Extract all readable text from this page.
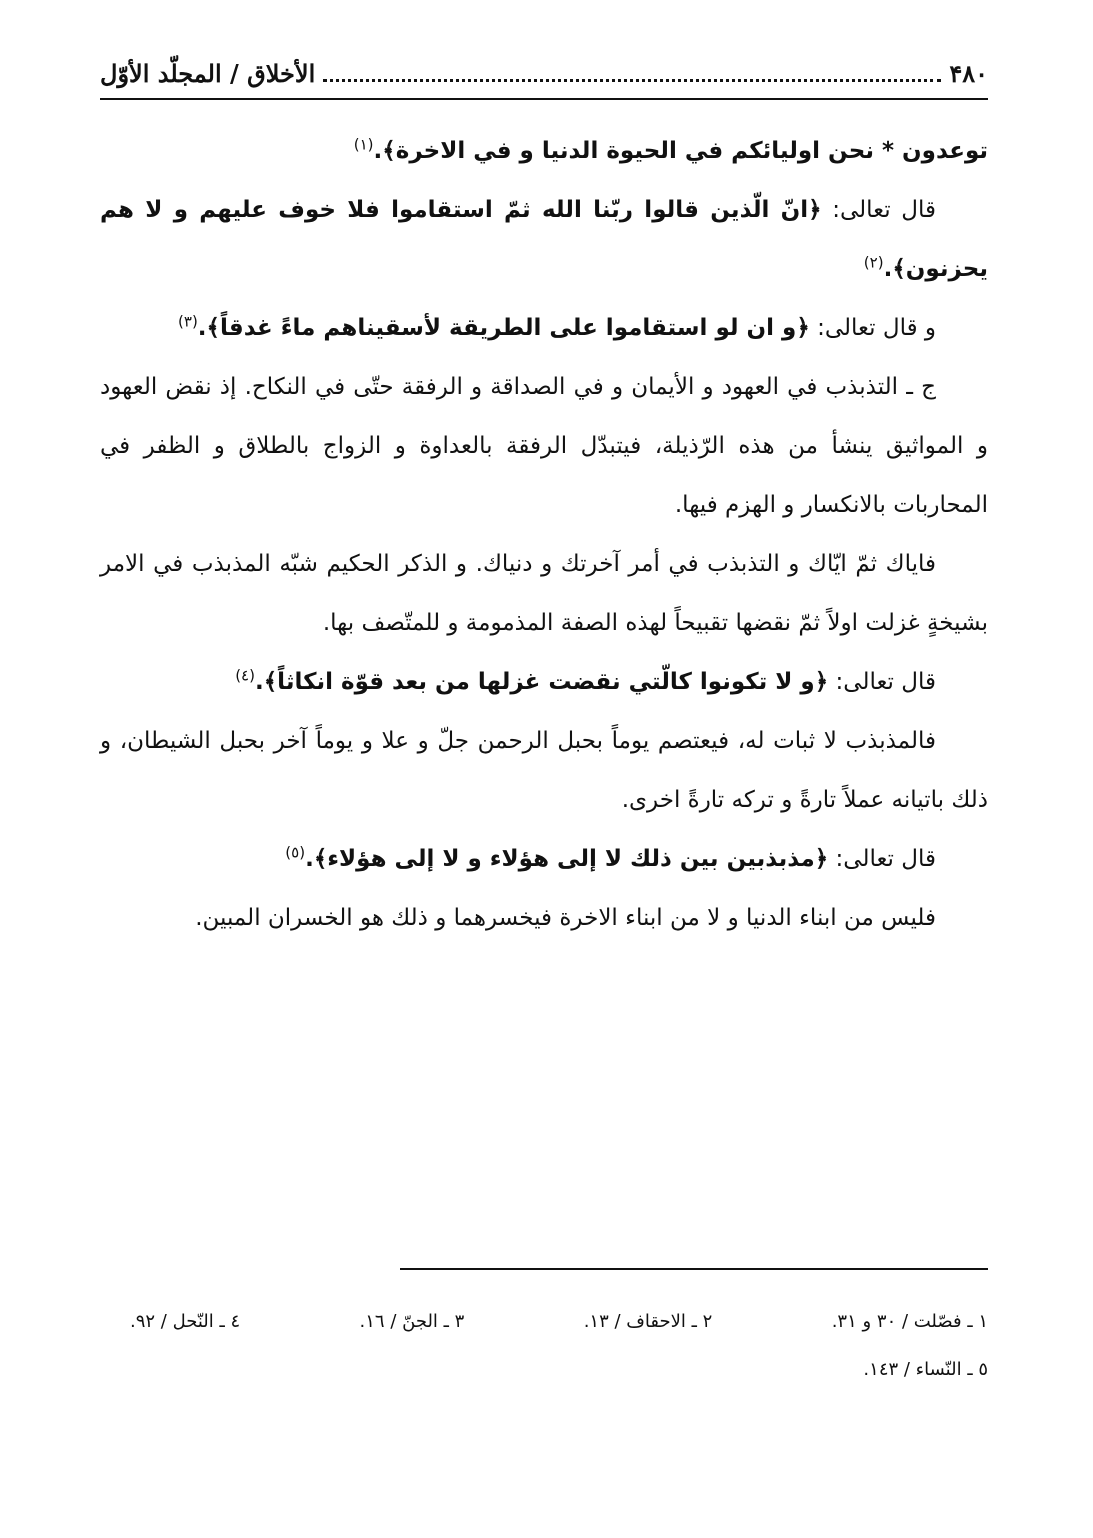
۴۸۰
الأخلاق / المجلّد الأوّل

توعدون * نحن اوليائكم في الحيوة الدنيا و في الاخرة﴾.$^{(١)}$

قال تعالى: ﴿انّ الّذين قالوا ربّنا الله ثمّ استقاموا فلا خوف عليهم و لا هم يحزنون﴾.$^{(٢)}$

و قال تعالى: ﴿و ان لو استقاموا على الطريقة لأسقيناهم ماءً غدقاً﴾.$^{(٣)}$

ج ـ التذبذب في العهود و الأيمان و في الصداقة و الرفقة حتّى في النكاح. إذ نقض العهود و المواثيق ينشأ من هذه الرّذيلة، فيتبدّل الرفقة بالعداوة و الزواج بالطلاق و الظفر في المحاربات بالانكسار و الهزم فيها.

فاياك ثمّ ايّاك و التذبذب في أمر آخرتك و دنياك. و الذكر الحكيم شبّه المذبذب في الامر بشيخةٍ غزلت اولاً ثمّ نقضها تقبيحاً لهذه الصفة المذمومة و للمتّصف بها.

قال تعالى: ﴿و لا تكونوا كالّتي نقضت غزلها من بعد قوّة انكاثاً﴾.$^{(٤)}$

فالمذبذب لا ثبات له، فيعتصم يوماً بحبل الرحمن جلّ و علا و يوماً آخر بحبل الشيطان، و ذلك باتيانه عملاً تارةً و تركه تارةً اخرى.

قال تعالى: ﴿مذبذبين بين ذلك لا إلى هؤلاء و لا إلى هؤلاء﴾.$^{(٥)}$

فليس من ابناء الدنيا و لا من ابناء الاخرة فيخسرهما و ذلك هو الخسران المبين.

١ ـ فصّلت / ٣٠ و ٣١.
٢ ـ الاحقاف / ١٣.
٣ ـ الجنّ / ١٦.
٤ ـ النّحل / ٩٢.
٥ ـ النّساء / ١٤٣.
